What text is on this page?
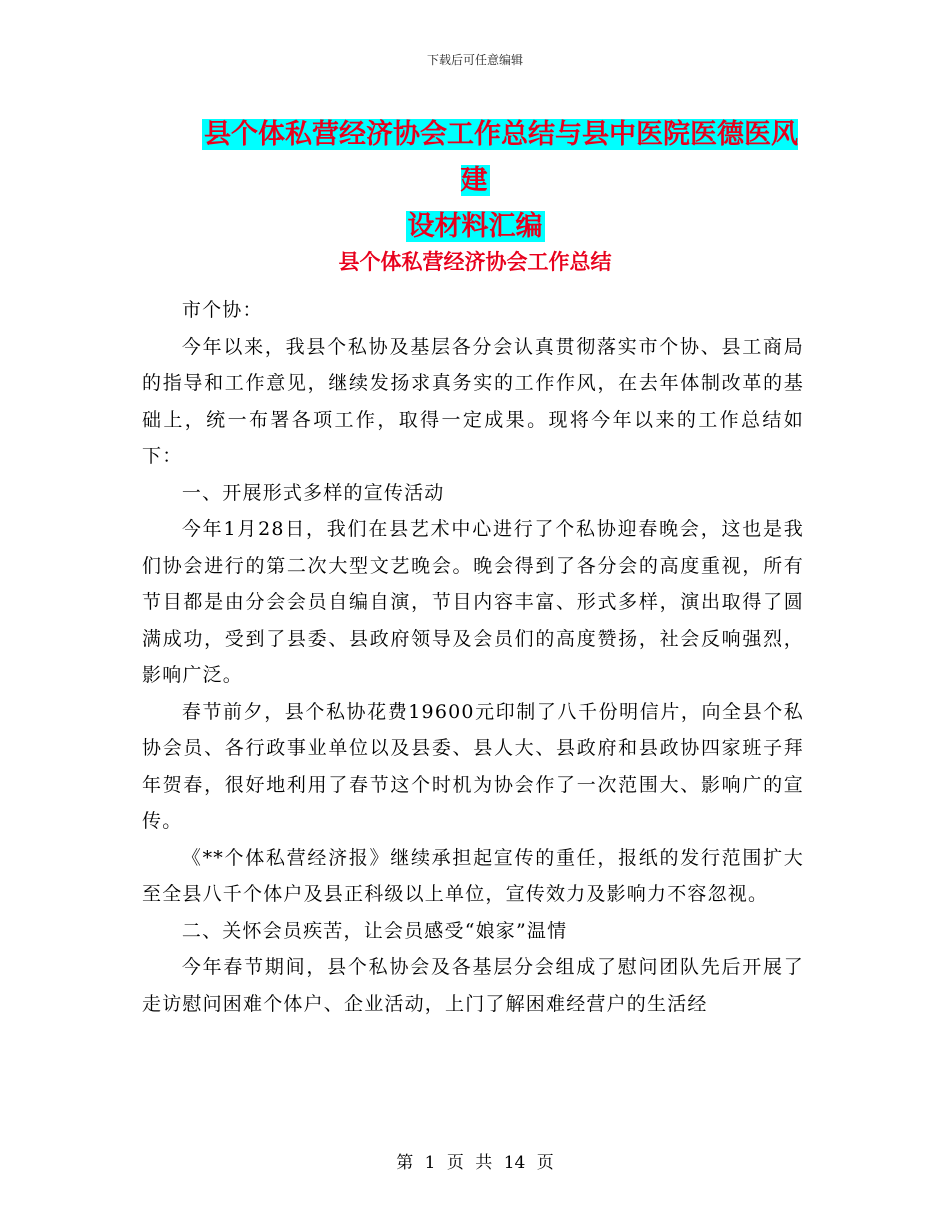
下载后可任意编辑
县个体私营经济协会工作总结与县中医院医德医风建
设材料汇编
县个体私营经济协会工作总结

市个协：

今年以来，我县个私协及基层各分会认真贯彻落实市个协、县工商局的指导和工作意见，继续发扬求真务实的工作作风，在去年体制改革的基础上，统一布署各项工作，取得一定成果。现将今年以来的工作总结如下：

一、开展形式多样的宣传活动

今年1月28日，我们在县艺术中心进行了个私协迎春晚会，这也是我们协会进行的第二次大型文艺晚会。晚会得到了各分会的高度重视，所有节目都是由分会会员自编自演，节目内容丰富、形式多样，演出取得了圆满成功，受到了县委、县政府领导及会员们的高度赞扬，社会反响强烈，影响广泛。

春节前夕，县个私协花费19600元印制了八千份明信片，向全县个私协会员、各行政事业单位以及县委、县人大、县政府和县政协四家班子拜年贺春，很好地利用了春节这个时机为协会作了一次范围大、影响广的宣传。

《**个体私营经济报》继续承担起宣传的重任，报纸的发行范围扩大至全县八千个体户及县正科级以上单位，宣传效力及影响力不容忽视。

二、关怀会员疾苦，让会员感受“娘家”温情

今年春节期间，县个私协会及各基层分会组成了慰问团队先后开展了走访慰问困难个体户、企业活动，上门了解困难经营户的生活经

第 1 页 共 14 页
